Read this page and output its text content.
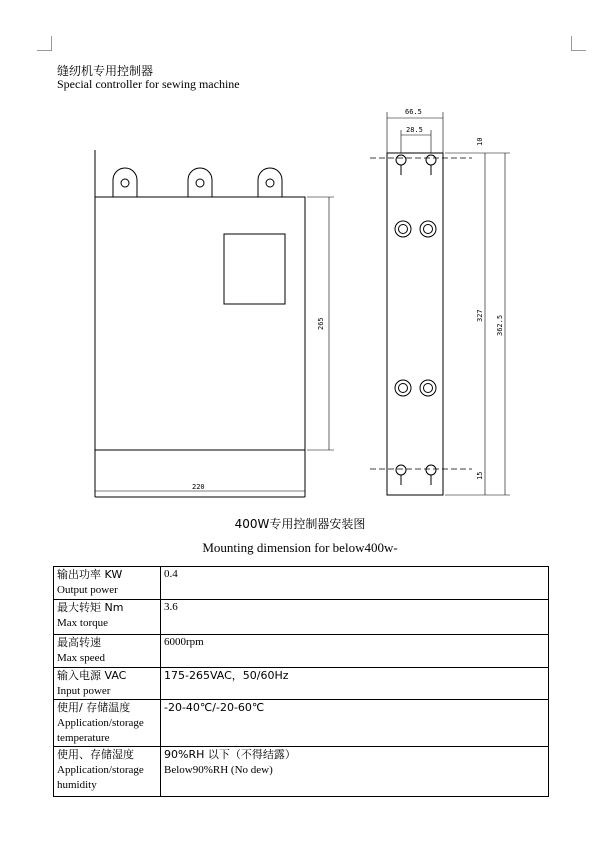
缝纫机专用控制器
Special controller for sewing machine
265
220
66.5
28.5
10
327 362.5
15
400W专用控制器安装图
Mounting dimension for below400w-
输出功率 KW
Output power	0.4
最大转矩 Nm
Max torque	3.6
最高转速
Max speed	6000rpm
输入电源 VAC
Input power	175-265VAC，50/60Hz
使用/ 存储温度
Application/storage temperature	-20-40℃/-20-60℃
使用、存储湿度
Application/storage humidity	90%RH 以下（不得结露）
Below90%RH (No dew)
